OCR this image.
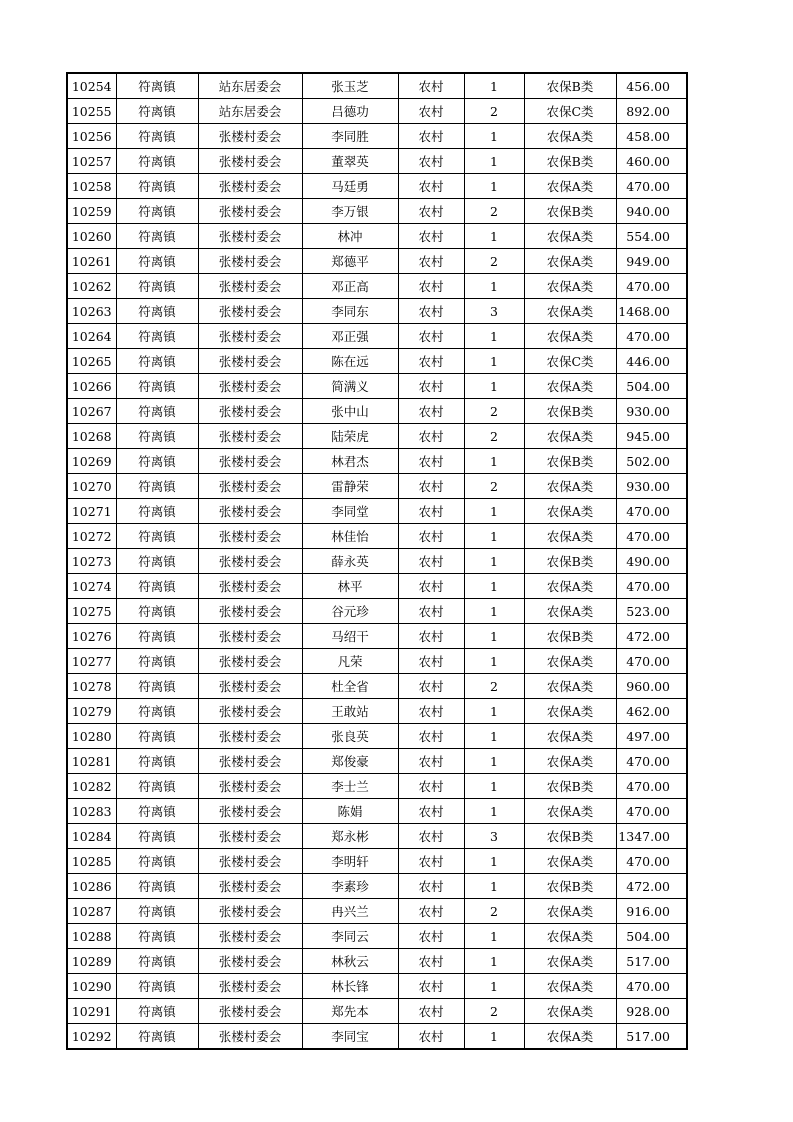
10254	符离镇	站东居委会	张玉芝	农村	1	农保B类	456.00
10255	符离镇	站东居委会	吕德功	农村	2	农保C类	892.00
10256	符离镇	张楼村委会	李同胜	农村	1	农保A类	458.00
10257	符离镇	张楼村委会	董翠英	农村	1	农保B类	460.00
10258	符离镇	张楼村委会	马廷勇	农村	1	农保A类	470.00
10259	符离镇	张楼村委会	李万银	农村	2	农保B类	940.00
10260	符离镇	张楼村委会	林冲	农村	1	农保A类	554.00
10261	符离镇	张楼村委会	郑德平	农村	2	农保A类	949.00
10262	符离镇	张楼村委会	邓正高	农村	1	农保A类	470.00
10263	符离镇	张楼村委会	李同东	农村	3	农保A类	1468.00
10264	符离镇	张楼村委会	邓正强	农村	1	农保A类	470.00
10265	符离镇	张楼村委会	陈在远	农村	1	农保C类	446.00
10266	符离镇	张楼村委会	简满义	农村	1	农保A类	504.00
10267	符离镇	张楼村委会	张中山	农村	2	农保B类	930.00
10268	符离镇	张楼村委会	陆荣虎	农村	2	农保A类	945.00
10269	符离镇	张楼村委会	林君杰	农村	1	农保B类	502.00
10270	符离镇	张楼村委会	雷静荣	农村	2	农保A类	930.00
10271	符离镇	张楼村委会	李同堂	农村	1	农保A类	470.00
10272	符离镇	张楼村委会	林佳怡	农村	1	农保A类	470.00
10273	符离镇	张楼村委会	薛永英	农村	1	农保B类	490.00
10274	符离镇	张楼村委会	林平	农村	1	农保A类	470.00
10275	符离镇	张楼村委会	谷元珍	农村	1	农保A类	523.00
10276	符离镇	张楼村委会	马绍干	农村	1	农保B类	472.00
10277	符离镇	张楼村委会	凡荣	农村	1	农保A类	470.00
10278	符离镇	张楼村委会	杜全省	农村	2	农保A类	960.00
10279	符离镇	张楼村委会	王敢站	农村	1	农保A类	462.00
10280	符离镇	张楼村委会	张良英	农村	1	农保A类	497.00
10281	符离镇	张楼村委会	郑俊豪	农村	1	农保A类	470.00
10282	符离镇	张楼村委会	李士兰	农村	1	农保B类	470.00
10283	符离镇	张楼村委会	陈娟	农村	1	农保A类	470.00
10284	符离镇	张楼村委会	郑永彬	农村	3	农保B类	1347.00
10285	符离镇	张楼村委会	李明轩	农村	1	农保A类	470.00
10286	符离镇	张楼村委会	李素珍	农村	1	农保B类	472.00
10287	符离镇	张楼村委会	冉兴兰	农村	2	农保A类	916.00
10288	符离镇	张楼村委会	李同云	农村	1	农保A类	504.00
10289	符离镇	张楼村委会	林秋云	农村	1	农保A类	517.00
10290	符离镇	张楼村委会	林长锋	农村	1	农保A类	470.00
10291	符离镇	张楼村委会	郑先本	农村	2	农保A类	928.00
10292	符离镇	张楼村委会	李同宝	农村	1	农保A类	517.00
